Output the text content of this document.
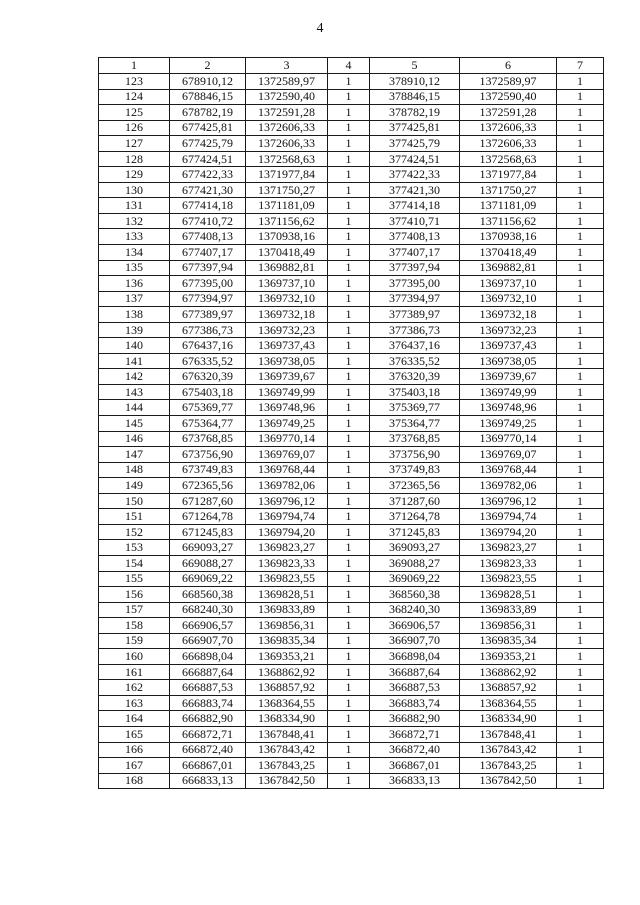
4
1	2	3	4	5	6	7
123	678910,12	1372589,97	1	378910,12	1372589,97	1
124	678846,15	1372590,40	1	378846,15	1372590,40	1
125	678782,19	1372591,28	1	378782,19	1372591,28	1
126	677425,81	1372606,33	1	377425,81	1372606,33	1
127	677425,79	1372606,33	1	377425,79	1372606,33	1
128	677424,51	1372568,63	1	377424,51	1372568,63	1
129	677422,33	1371977,84	1	377422,33	1371977,84	1
130	677421,30	1371750,27	1	377421,30	1371750,27	1
131	677414,18	1371181,09	1	377414,18	1371181,09	1
132	677410,72	1371156,62	1	377410,71	1371156,62	1
133	677408,13	1370938,16	1	377408,13	1370938,16	1
134	677407,17	1370418,49	1	377407,17	1370418,49	1
135	677397,94	1369882,81	1	377397,94	1369882,81	1
136	677395,00	1369737,10	1	377395,00	1369737,10	1
137	677394,97	1369732,10	1	377394,97	1369732,10	1
138	677389,97	1369732,18	1	377389,97	1369732,18	1
139	677386,73	1369732,23	1	377386,73	1369732,23	1
140	676437,16	1369737,43	1	376437,16	1369737,43	1
141	676335,52	1369738,05	1	376335,52	1369738,05	1
142	676320,39	1369739,67	1	376320,39	1369739,67	1
143	675403,18	1369749,99	1	375403,18	1369749,99	1
144	675369,77	1369748,96	1	375369,77	1369748,96	1
145	675364,77	1369749,25	1	375364,77	1369749,25	1
146	673768,85	1369770,14	1	373768,85	1369770,14	1
147	673756,90	1369769,07	1	373756,90	1369769,07	1
148	673749,83	1369768,44	1	373749,83	1369768,44	1
149	672365,56	1369782,06	1	372365,56	1369782,06	1
150	671287,60	1369796,12	1	371287,60	1369796,12	1
151	671264,78	1369794,74	1	371264,78	1369794,74	1
152	671245,83	1369794,20	1	371245,83	1369794,20	1
153	669093,27	1369823,27	1	369093,27	1369823,27	1
154	669088,27	1369823,33	1	369088,27	1369823,33	1
155	669069,22	1369823,55	1	369069,22	1369823,55	1
156	668560,38	1369828,51	1	368560,38	1369828,51	1
157	668240,30	1369833,89	1	368240,30	1369833,89	1
158	666906,57	1369856,31	1	366906,57	1369856,31	1
159	666907,70	1369835,34	1	366907,70	1369835,34	1
160	666898,04	1369353,21	1	366898,04	1369353,21	1
161	666887,64	1368862,92	1	366887,64	1368862,92	1
162	666887,53	1368857,92	1	366887,53	1368857,92	1
163	666883,74	1368364,55	1	366883,74	1368364,55	1
164	666882,90	1368334,90	1	366882,90	1368334,90	1
165	666872,71	1367848,41	1	366872,71	1367848,41	1
166	666872,40	1367843,42	1	366872,40	1367843,42	1
167	666867,01	1367843,25	1	366867,01	1367843,25	1
168	666833,13	1367842,50	1	366833,13	1367842,50	1
